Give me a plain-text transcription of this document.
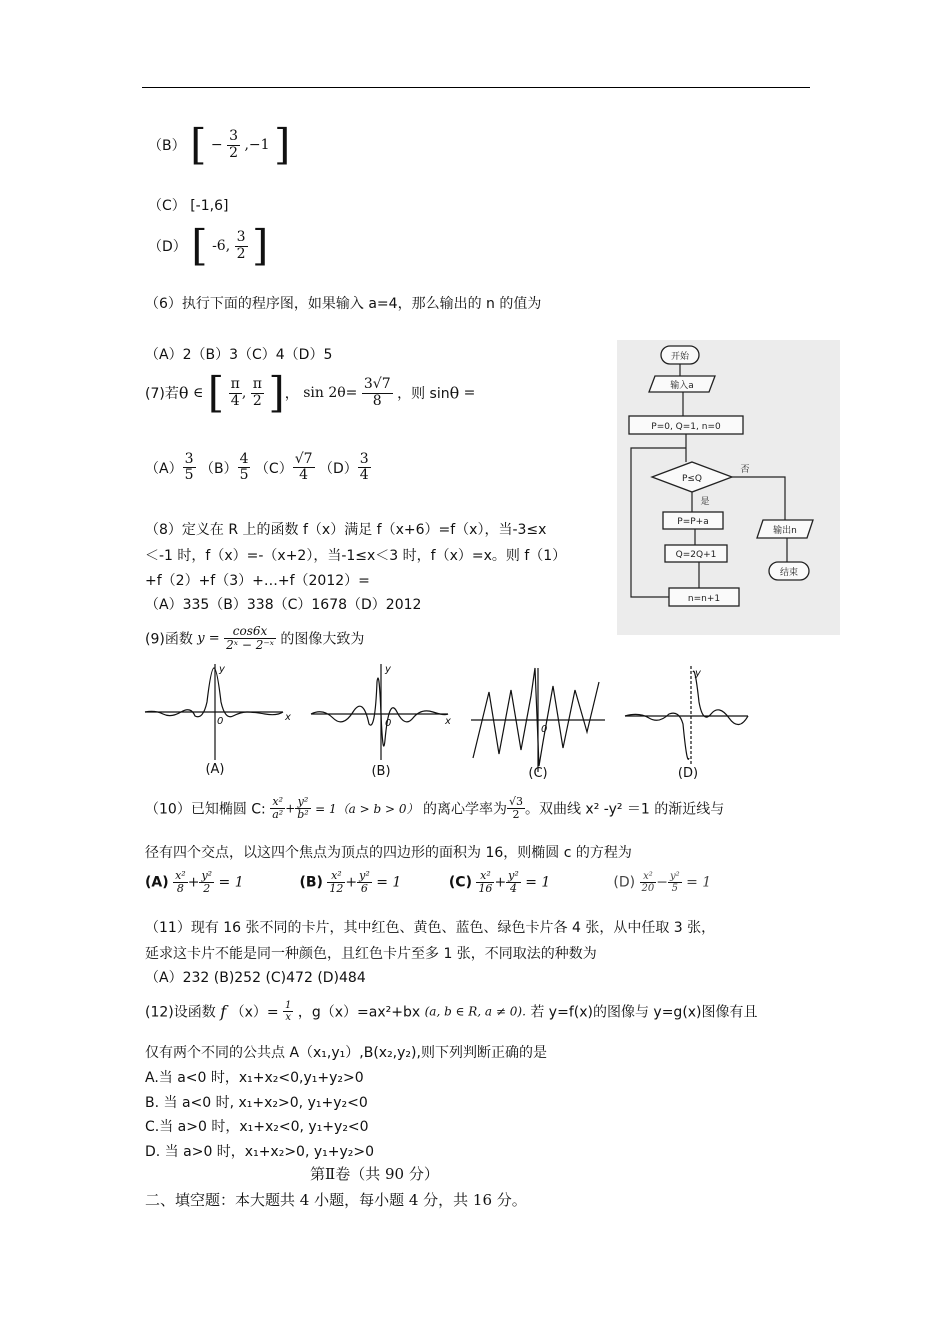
（B） [ − $\frac{3}{2} ,-1$ ]
（C） [-1,6]
（D） [ -6, $\frac{3}{2}$ ]
（6）执行下面的程序图，如果输入 a=4，那么输出的 n 的值为
（A）2（B）3（C）4（D）5	开始
输入a
P=0, Q=1, n=0
P≤Q
否
是
P=P+a
Q=2Q+1
n=n+1
输出n
结束
(7)若θ ∈ [ $\frac{\pi}{4}$ , $\frac{\pi}{2}$ ]， $\sin 2\theta= \frac{3√7}{8}$ ，则 sinθ =
$(A) \frac{3}{5} (B) \frac{4}{5} (C) \frac{√7}{4} (D) \frac{3}{4}$
（8）定义在 R 上的函数 f（x）满足 f（x+6）=f（x），当-3≤x
＜-1 时，f（x）=-（x+2），当-1≤x＜3 时，f（x）=x。则 f（1）
+f（2）+f（3）+…+f（2012）=
（A）335（B）338（C）1678（D）2012
(9)函数 $y = \frac{\cos 6x}{\text{2ˣ − 2⁻ˣ}}$ 的图像大致为
x
y
0	x
y
0
0
y
(A)	(B)	(C)	(D)
（10）已知椭圆 C: $\frac{\text{x²}}{\text{a²}} + \frac{\text{y²}}{\text{b²}} = 1(a > b > 0)$ 的离心学率为 $\frac{√3}{2}$ 。双曲线 x² -y² ＝1 的渐近线与
径有四个交点，以这四个焦点为顶点的四边形的面积为 16，则椭圆 c 的方程为
$(A) \frac{\text{x²}}{8} + \frac{\text{y²}}{2} = 1$	$(B) \frac{\text{x²}}{12} + \frac{\text{y²}}{6} = 1$	$(C) \frac{\text{x²}}{16} + \frac{\text{y²}}{4} = 1$	$(D) \frac{\text{x²}}{20} - \frac{\text{y²}}{5} = 1$
（11）现有 16 张不同的卡片，其中红色、黄色、蓝色、绿色卡片各 4 张，从中任取 3 张，
延求这卡片不能是同一种颜色，且红色卡片至多 1 张，不同取法的种数为
（A）232 (B)252 (C)472 (D)484
(12)设函数 f $(x)= \frac{1}{x}$ ，g（x）=ax²+bx (a, b ∈ R, a ≠ 0). 若 y=f(x)的图像与 y=g(x)图像有且
仅有两个不同的公共点 A（x₁,y₁）,B(x₂,y₂),则下列判断正确的是
A.当 a<0 时，x₁+x₂<0,y₁+y₂>0
B. 当 a<0 时, x₁+x₂>0, y₁+y₂<0
C.当 a>0 时，x₁+x₂<0, y₁+y₂<0
D. 当 a>0 时，x₁+x₂>0, y₁+y₂>0
第Ⅱ卷（共 90 分）
二、填空题：本大题共 4 小题，每小题 4 分，共 16 分。
